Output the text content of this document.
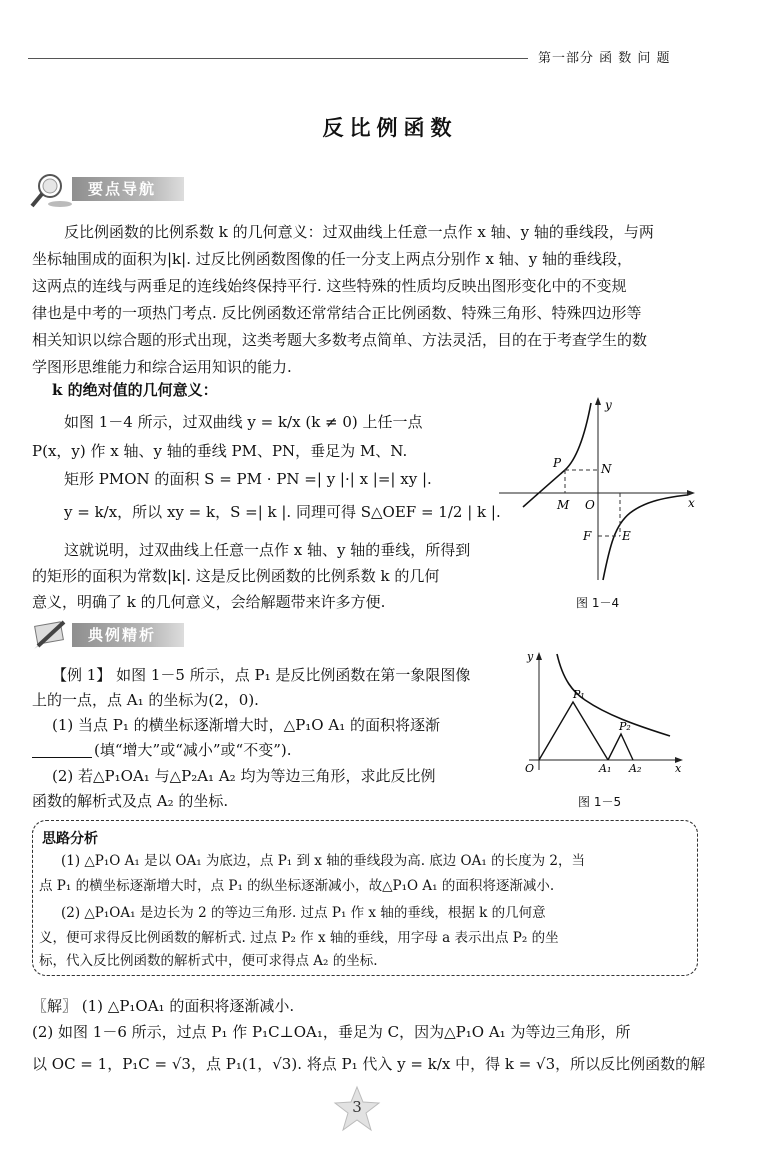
第一部分 函 数 问 题
反比例函数
要点导航

反比例函数的比例系数 k 的几何意义：过双曲线上任意一点作 x 轴、y 轴的垂线段，与两

坐标轴围成的面积为|k|. 过反比例函数图像的任一分支上两点分别作 x 轴、y 轴的垂线段，

这两点的连线与两垂足的连线始终保持平行. 这些特殊的性质均反映出图形变化中的不变规

律也是中考的一项热门考点. 反比例函数还常常结合正比例函数、特殊三角形、特殊四边形等

相关知识以综合题的形式出现，这类考题大多数考点简单、方法灵活，目的在于考查学生的数

学图形思维能力和综合运用知识的能力.

k 的绝对值的几何意义：

如图 1－4 所示，过双曲线 y = k/x (k ≠ 0) 上任一点

P(x，y) 作 x 轴、y 轴的垂线 PM、PN，垂足为 M、N.

矩形 PMON 的面积 S = PM · PN =| y |·| x |=| xy |.

y = k/x，所以 xy = k，S =| k |. 同理可得 S△OEF = 1/2 | k |.

这就说明，过双曲线上任意一点作 x 轴、y 轴的垂线，所得到

的矩形的面积为常数|k|. 这是反比例函数的比例系数 k 的几何

意义，明确了 k 的几何意义，会给解题带来许多方便.

y
x
P	N
M O
F	E
图 1－4
典例精析

【例 1】 如图 1－5 所示，点 P₁ 是反比例函数在第一象限图像

上的一点，点 A₁ 的坐标为(2，0).

(1) 当点 P₁ 的横坐标逐渐增大时，△P₁O A₁ 的面积将逐渐

(填“增大”或“减小”或“不变”).

(2) 若△P₁OA₁ 与△P₂A₁ A₂ 均为等边三角形，求此反比例

函数的解析式及点 A₂ 的坐标.

y
x
O
P₁
P₂
A₁ A₂
图 1－5
思路分析

(1) △P₁O A₁ 是以 OA₁ 为底边，点 P₁ 到 x 轴的垂线段为高. 底边 OA₁ 的长度为 2，当

点 P₁ 的横坐标逐渐增大时，点 P₁ 的纵坐标逐渐减小，故△P₁O A₁ 的面积将逐渐减小.

(2) △P₁OA₁ 是边长为 2 的等边三角形. 过点 P₁ 作 x 轴的垂线，根据 k 的几何意

义，便可求得反比例函数的解析式. 过点 P₂ 作 x 轴的垂线，用字母 a 表示出点 P₂ 的坐

标，代入反比例函数的解析式中，便可求得点 A₂ 的坐标.

〖解〗 (1) △P₁OA₁ 的面积将逐渐减小.

(2) 如图 1－6 所示，过点 P₁ 作 P₁C⊥OA₁，垂足为 C，因为△P₁O A₁ 为等边三角形，所

以 OC = 1，P₁C = √3，点 P₁(1，√3). 将点 P₁ 代入 y = k/x 中，得 k = √3，所以反比例函数的解

3
